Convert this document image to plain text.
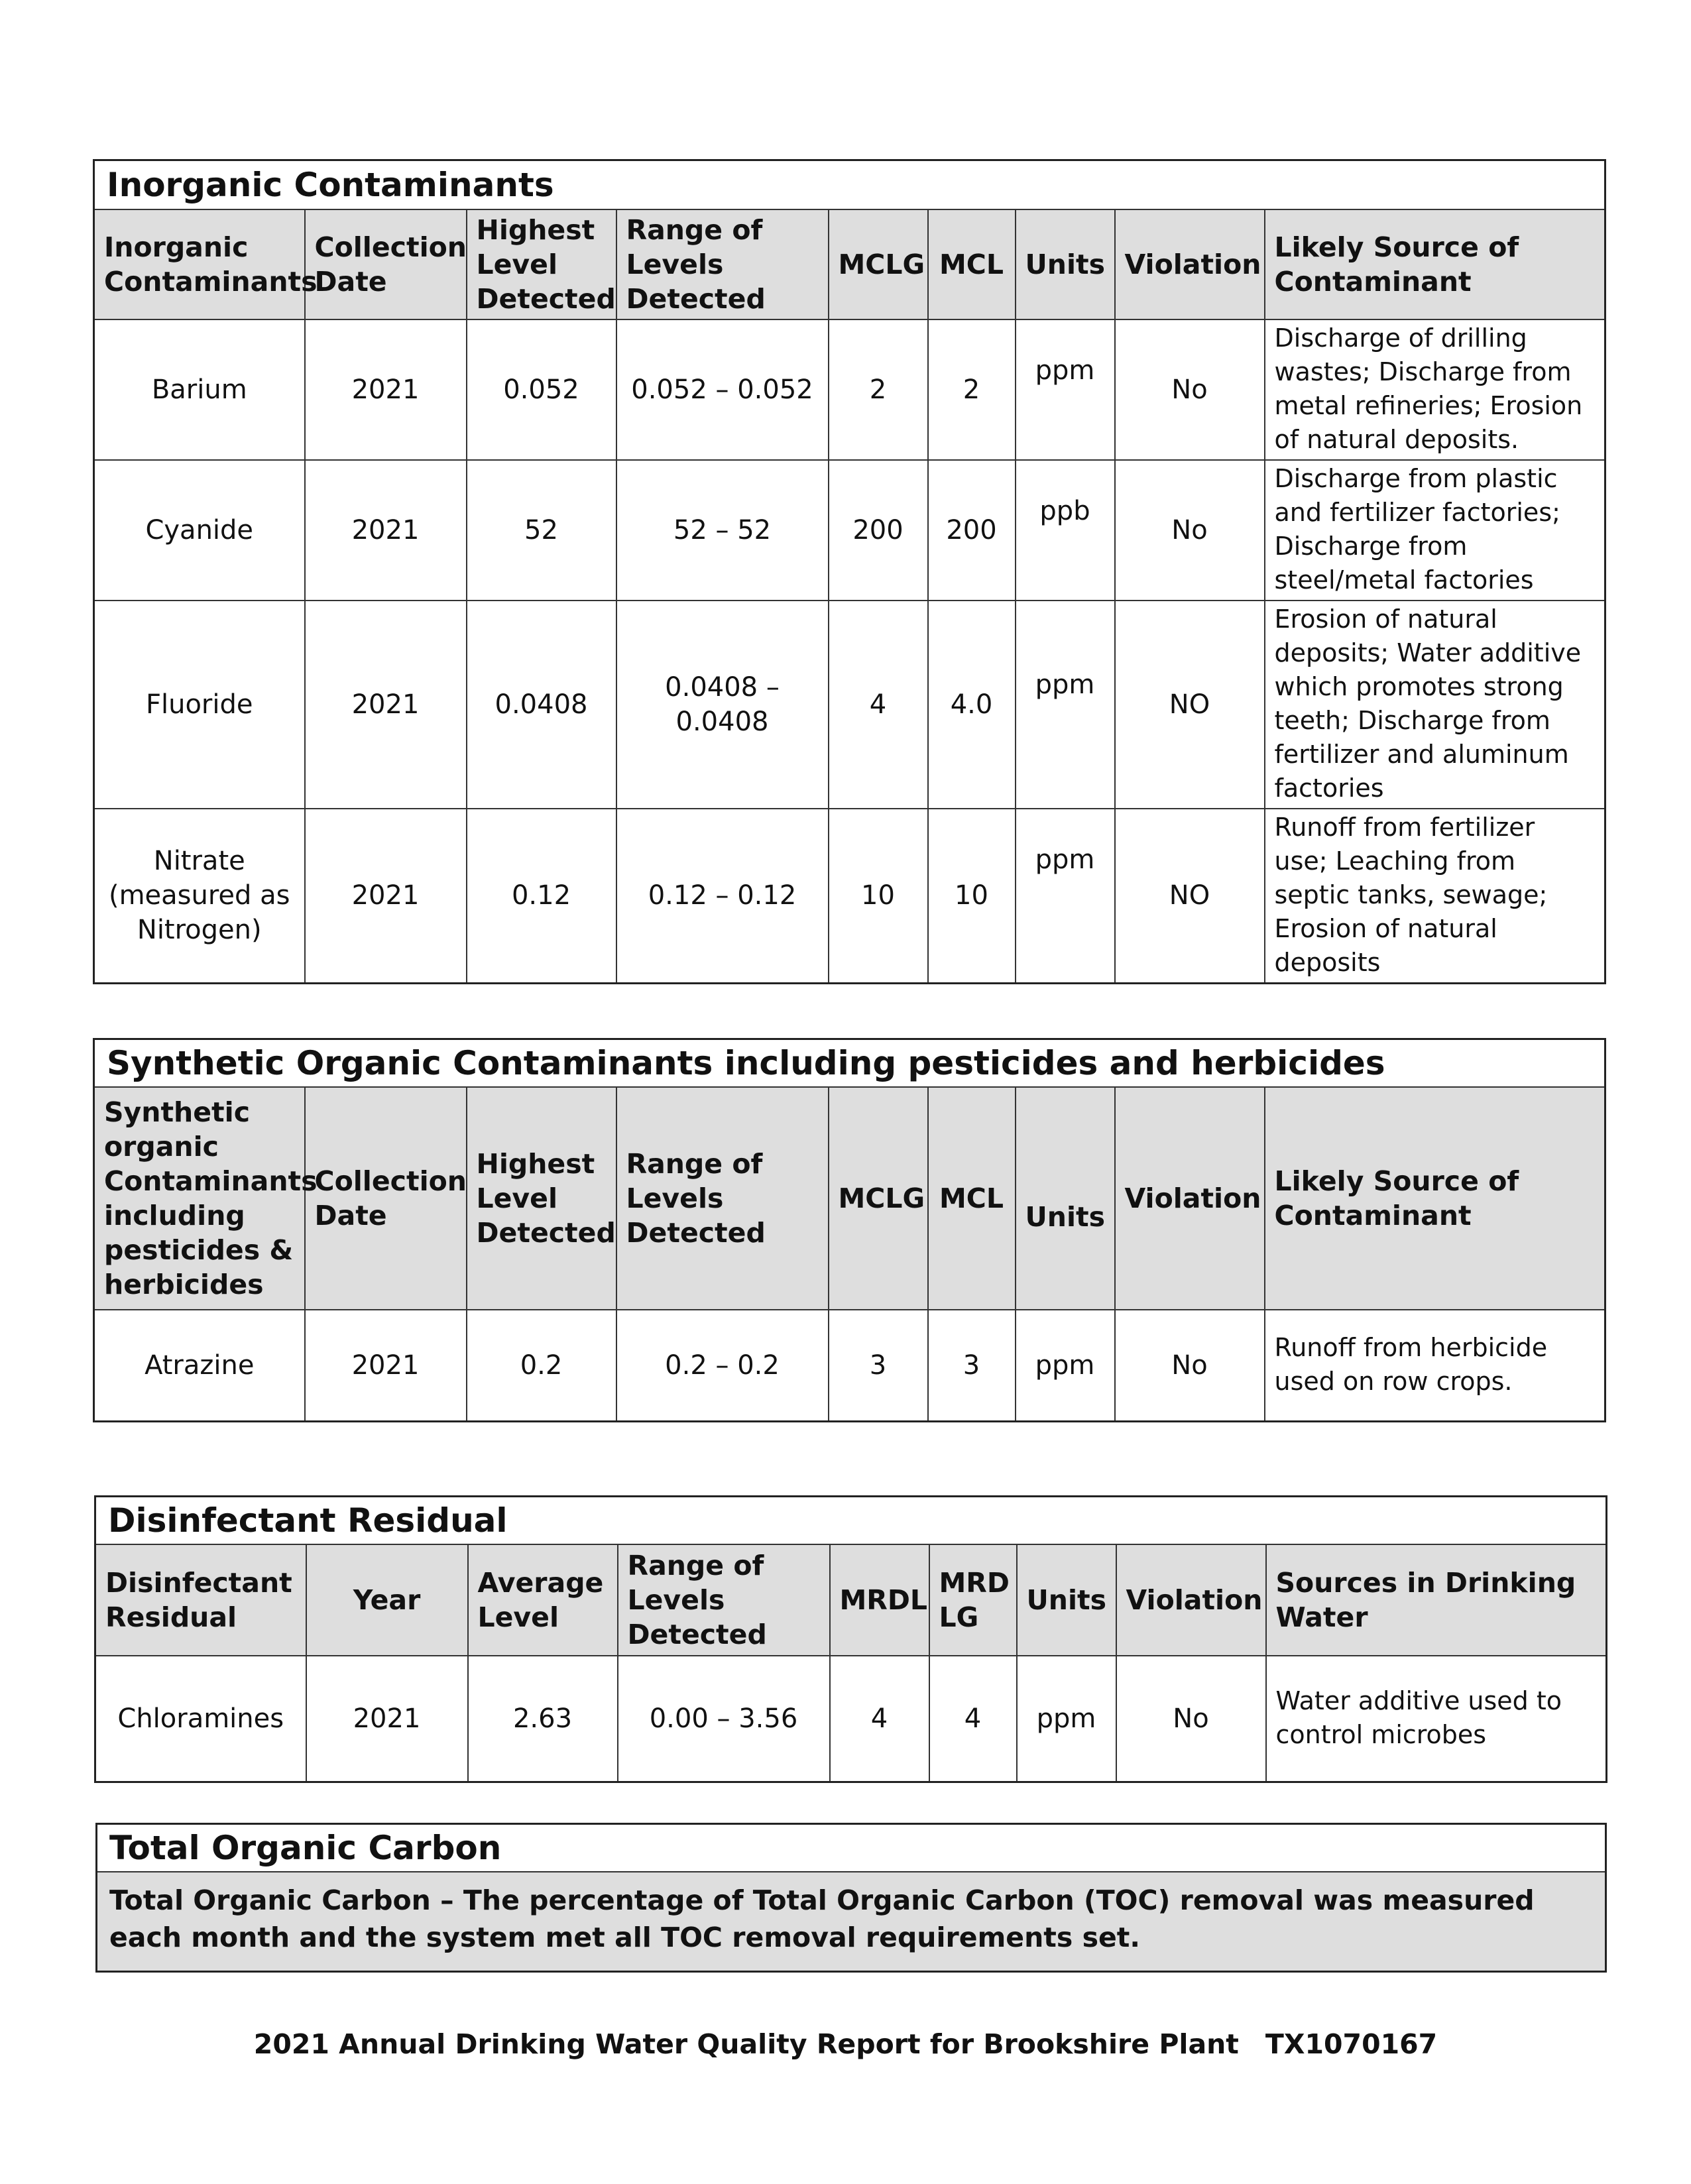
Inorganic Contaminants								
Inorganic Contaminants	Collection Date	Highest Level Detected	Range of Levels Detected	MCLG	MCL	Units	Violation	Likely Source of Contaminant
Barium	2021	0.052	0.052 – 0.052	2	2	ppm	No	Discharge of drilling wastes; Discharge from metal refineries; Erosion of natural deposits.
Cyanide	2021	52	52 – 52	200	200	ppb	No	Discharge from plastic and fertilizer factories; Discharge from steel/metal factories
Fluoride	2021	0.0408	0.0408 – 0.0408	4	4.0	ppm	NO	Erosion of natural deposits; Water additive which promotes strong teeth; Discharge from fertilizer and aluminum factories
Nitrate (measured as Nitrogen)	2021	0.12	0.12 – 0.12	10	10	ppm	NO	Runoff from fertilizer use; Leaching from septic tanks, sewage; Erosion of natural deposits
Synthetic Organic Contaminants including pesticides and herbicides								
Synthetic organic Contaminants including pesticides & herbicides	Collection Date	Highest Level Detected	Range of Levels Detected	MCLG	MCL	Units	Violation	Likely Source of Contaminant
Atrazine	2021	0.2	0.2 – 0.2	3	3	ppm	No	Runoff from herbicide used on row crops.
Disinfectant Residual								
Disinfectant Residual	Year	Average Level	Range of Levels Detected	MRDL	MRD LG	Units	Violation	Sources in Drinking Water
Chloramines	2021	2.63	0.00 – 3.56	4	4	ppm	No	Water additive used to control microbes
Total Organic Carbon
Total Organic Carbon – The percentage of Total Organic Carbon (TOC) removal was measured each month and the system met all TOC removal requirements set.
2021 Annual Drinking Water Quality Report for Brookshire Plant TX1070167
